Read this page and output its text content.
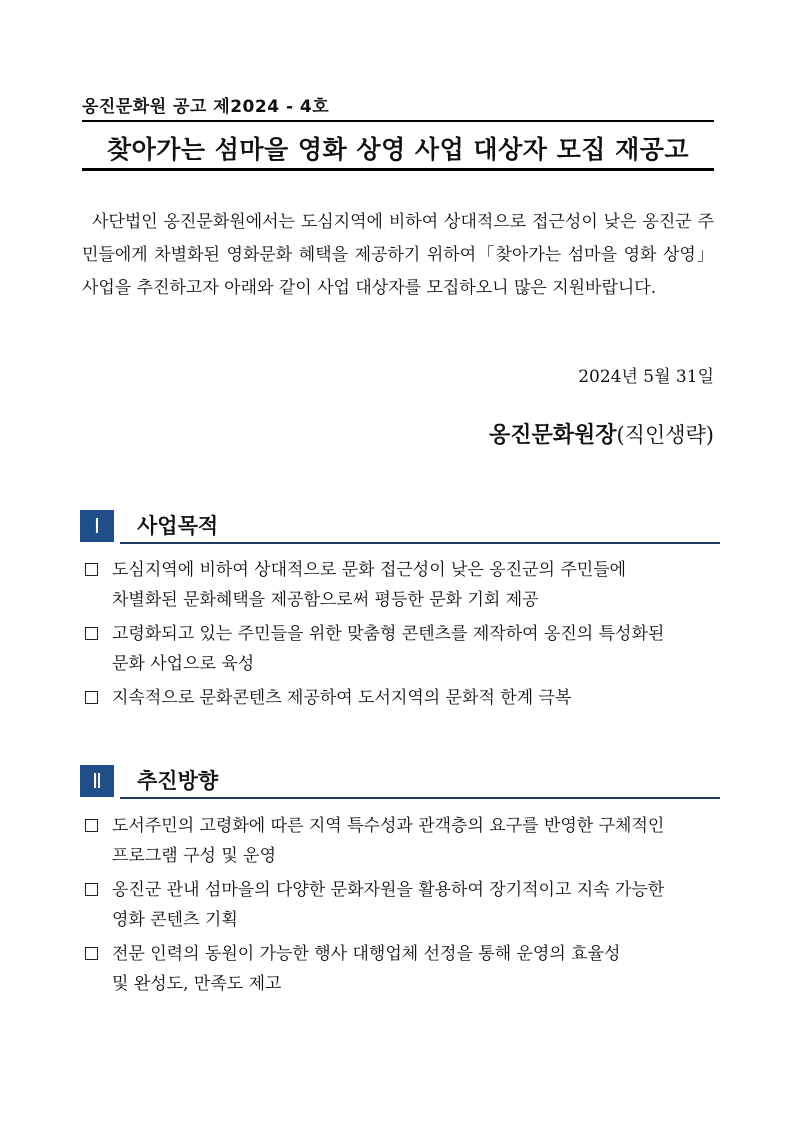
옹진문화원 공고 제2024 - 4호
찾아가는 섬마을 영화 상영 사업 대상자 모집 재공고

사단법인 옹진문화원에서는 도심지역에 비하여 상대적으로 접근성이 낮은 옹진군 주민들에게 차별화된 영화문화 혜택을 제공하기 위하여「찾아가는 섬마을 영화 상영」사업을 추진하고자 아래와 같이 사업 대상자를 모집하오니 많은 지원바랍니다.

2024년 5월 31일
옹진문화원장(직인생략)
Ⅰ	사업목적
도심지역에 비하여 상대적으로 문화 접근성이 낮은 옹진군의 주민들에
차별화된 문화혜택을 제공함으로써 평등한 문화 기회 제공
고령화되고 있는 주민들을 위한 맞춤형 콘텐츠를 제작하여 옹진의 특성화된
문화 사업으로 육성
지속적으로 문화콘텐츠 제공하여 도서지역의 문화적 한계 극복
Ⅱ	추진방향
도서주민의 고령화에 따른 지역 특수성과 관객층의 요구를 반영한 구체적인
프로그램 구성 및 운영
옹진군 관내 섬마을의 다양한 문화자원을 활용하여 장기적이고 지속 가능한
영화 콘텐츠 기획
전문 인력의 동원이 가능한 행사 대행업체 선정을 통해 운영의 효율성
및 완성도, 만족도 제고
